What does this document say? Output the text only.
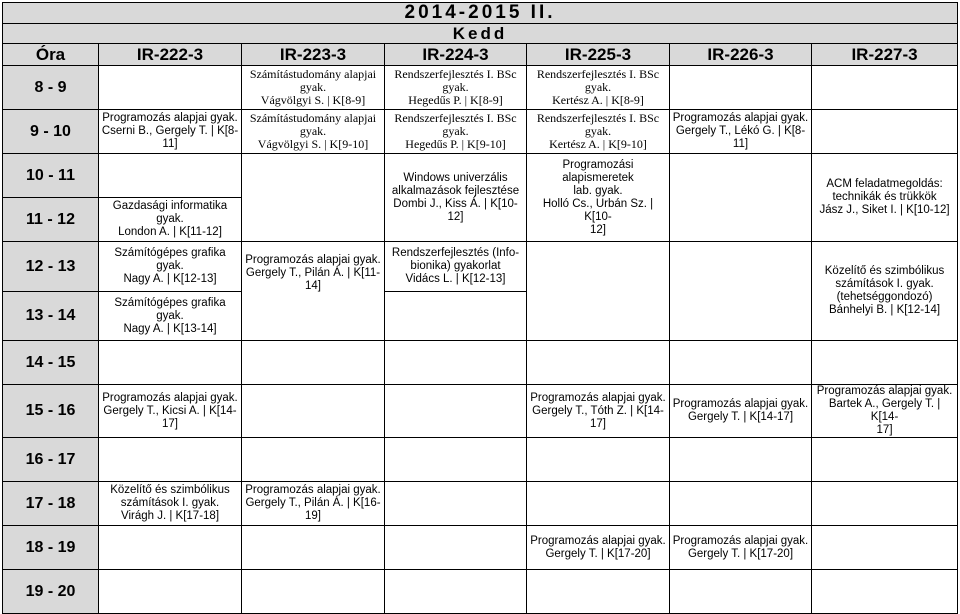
2014-2015 II.						
Kedd						
Óra	IR-222-3	IR-223-3	IR-224-3	IR-225-3	IR-226-3	IR-227-3
8 - 9		Számítástudomány alapjai
gyak.
Vágvölgyi S. | K[8-9]	Rendszerfejlesztés I. BSc
gyak.
Hegedűs P. | K[8-9]	Rendszerfejlesztés I. BSc
gyak.
Kertész A. | K[8-9]		

9 - 10	Programozás alapjai gyak.
Cserni B., Gergely T. | K[8-11]	Számítástudomány alapjai
gyak.
Vágvölgyi S. | K[9-10]	Rendszerfejlesztés I. BSc
gyak.
Hegedűs P. | K[9-10]	Rendszerfejlesztés I. BSc
gyak.
Kertész A. | K[9-10]	Programozás alapjai gyak.
Gergely T., Lékó G. | K[8-11]	

10 - 11			Windows univerzális
alkalmazások fejlesztése
Dombi J., Kiss Á. | K[10-12]	Programozási alapismeretek
lab. gyak.
Holló Cs., Urbán Sz. | K[10-
12]		ACM feladatmegoldás:
technikák és trükkök
Jász J., Siket I. | K[10-12]

11 - 12	Gazdasági informatika gyak.
London A. | K[11-12]					

12 - 13	Számítógépes grafika gyak.
Nagy A. | K[12-13]	Programozás alapjai gyak.
Gergely T., Pilán Á. | K[11-14]	Rendszerfejlesztés (Info-
bionika) gyakorlat
Vidács L. | K[12-13]			Közelítő és szimbólikus
számítások I. gyak.
(tehetséggondozó)
Bánhelyi B. | K[12-14]

13 - 14	Számítógépes grafika gyak.
Nagy A. | K[13-14]					

14 - 15						
15 - 16	Programozás alapjai gyak.
Gergely T., Kicsi A. | K[14-17]			Programozás alapjai gyak.
Gergely T., Tóth Z. | K[14-17]	Programozás alapjai gyak.
Gergely T. | K[14-17]	Programozás alapjai gyak.
Bartek A., Gergely T. | K[14-
17]

16 - 17						
17 - 18	Közelítő és szimbólikus
számítások I. gyak.
Virágh J. | K[17-18]	Programozás alapjai gyak.
Gergely T., Pilán Á. | K[16-19]				

18 - 19				Programozás alapjai gyak.
Gergely T. | K[17-20]	Programozás alapjai gyak.
Gergely T. | K[17-20]	

19 - 20						
